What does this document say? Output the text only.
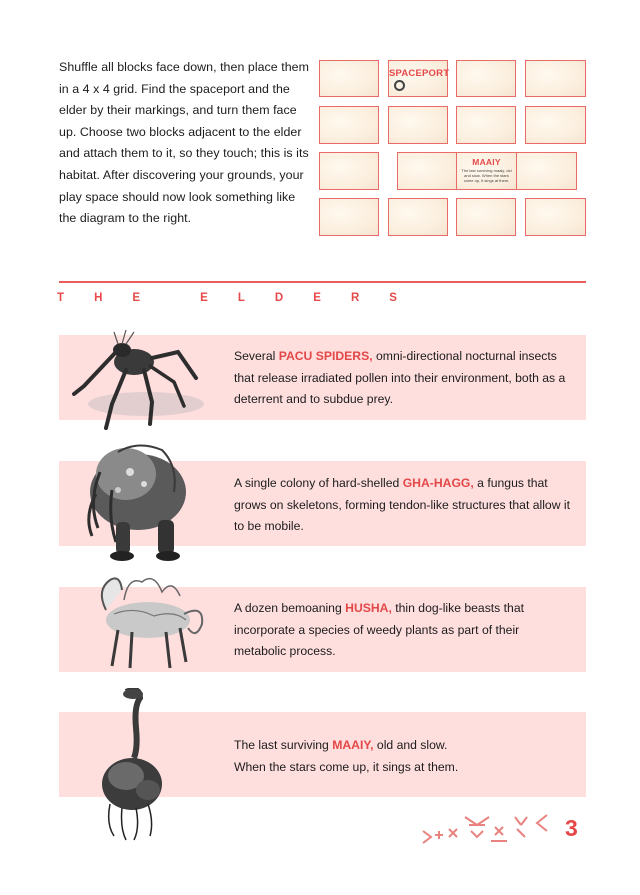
Shuffle all blocks face down, then place them in a 4 x 4 grid. Find the spaceport and the elder by their markings, and turn them face up. Choose two blocks adjacent to the elder and attach them to it, so they touch; this is its habitat. After discovering your grounds, your play space should now look something like the diagram to the right.
SPACEPORT
MAAIY
The last surviving maaiy, old and slow. When the stars come up, it sings at them.
T	H	E	E	L	D	E	R	S
Several PACU SPIDERS, omni-directional nocturnal insects that release irradiated pollen into their environment, both as a deterrent and to subdue prey.
A single colony of hard-shelled GHA-HAGG, a fungus that grows on skeletons, forming tendon-like structures that allow it to be mobile.
A dozen bemoaning HUSHA, thin dog-like beasts that incorporate a species of weedy plants as part of their metabolic process.
The last surviving MAAIY, old and slow.
When the stars come up, it sings at them.
3
